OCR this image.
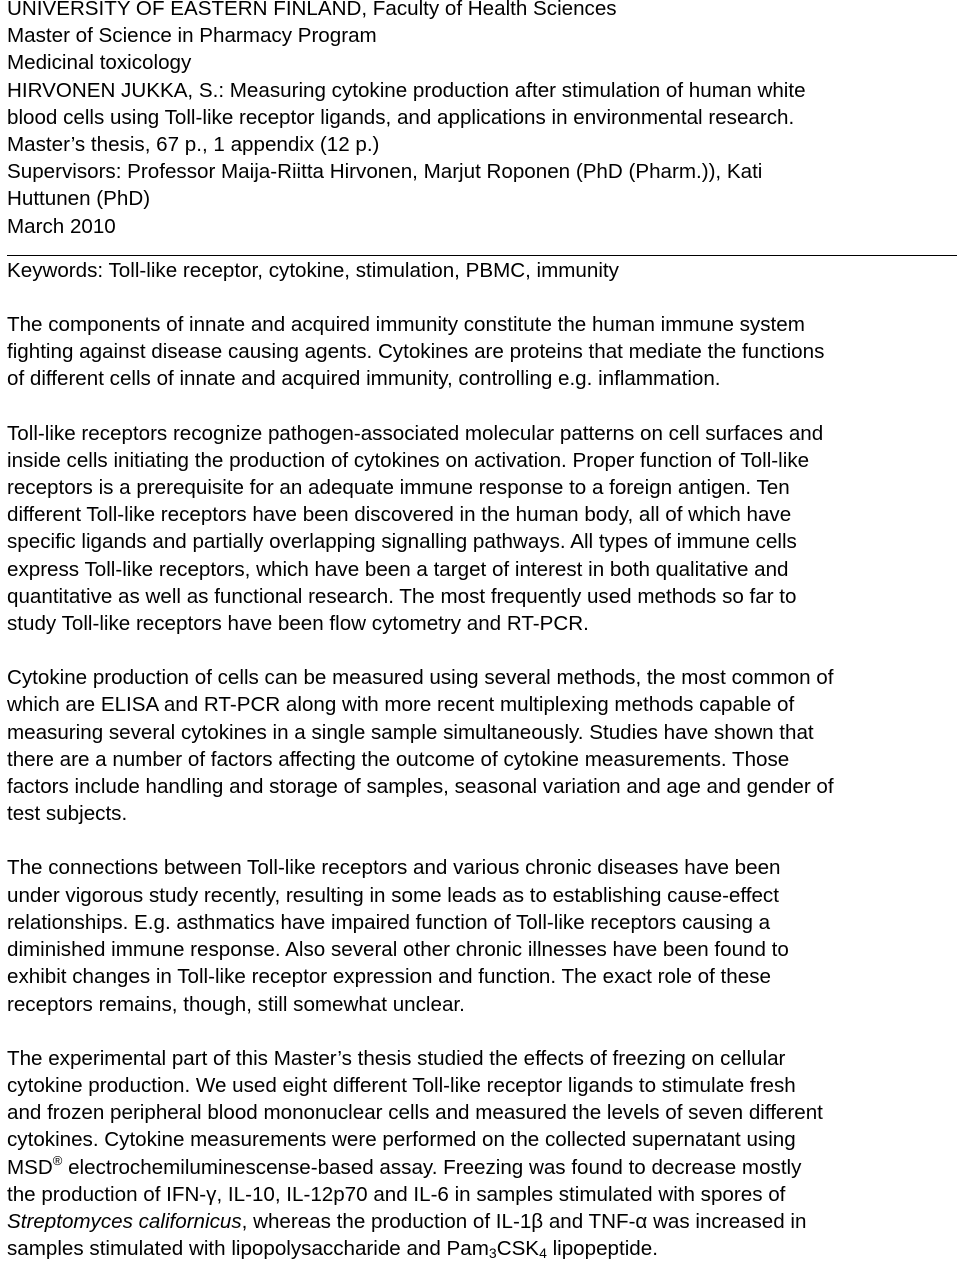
UNIVERSITY OF EASTERN FINLAND, Faculty of Health Sciences
Master of Science in Pharmacy Program
Medicinal toxicology
HIRVONEN JUKKA, S.: Measuring cytokine production after stimulation of human white
blood cells using Toll-like receptor ligands, and applications in environmental research.
Master’s thesis, 67 p., 1 appendix (12 p.)
Supervisors: Professor Maija-Riitta Hirvonen, Marjut Roponen (PhD (Pharm.)), Kati
Huttunen (PhD)
March 2010
Keywords: Toll-like receptor, cytokine, stimulation, PBMC, immunity
The components of innate and acquired immunity constitute the human immune system
fighting against disease causing agents. Cytokines are proteins that mediate the functions
of different cells of innate and acquired immunity, controlling e.g. inflammation.
Toll-like receptors recognize pathogen-associated molecular patterns on cell surfaces and
inside cells initiating the production of cytokines on activation. Proper function of Toll-like
receptors is a prerequisite for an adequate immune response to a foreign antigen. Ten
different Toll-like receptors have been discovered in the human body, all of which have
specific ligands and partially overlapping signalling pathways. All types of immune cells
express Toll-like receptors, which have been a target of interest in both qualitative and
quantitative as well as functional research. The most frequently used methods so far to
study Toll-like receptors have been flow cytometry and RT-PCR.
Cytokine production of cells can be measured using several methods, the most common of
which are ELISA and RT-PCR along with more recent multiplexing methods capable of
measuring several cytokines in a single sample simultaneously. Studies have shown that
there are a number of factors affecting the outcome of cytokine measurements. Those
factors include handling and storage of samples, seasonal variation and age and gender of
test subjects.
The connections between Toll-like receptors and various chronic diseases have been
under vigorous study recently, resulting in some leads as to establishing cause-effect
relationships. E.g. asthmatics have impaired function of Toll-like receptors causing a
diminished immune response. Also several other chronic illnesses have been found to
exhibit changes in Toll-like receptor expression and function. The exact role of these
receptors remains, though, still somewhat unclear.
The experimental part of this Master’s thesis studied the effects of freezing on cellular
cytokine production. We used eight different Toll-like receptor ligands to stimulate fresh
and frozen peripheral blood mononuclear cells and measured the levels of seven different
cytokines. Cytokine measurements were performed on the collected supernatant using
MSD® electrochemiluminescense-based assay. Freezing was found to decrease mostly
the production of IFN-γ, IL-10, IL-12p70 and IL-6 in samples stimulated with spores of
Streptomyces californicus, whereas the production of IL-1β and TNF-α was increased in
samples stimulated with lipopolysaccharide and $Pam_3CSK_4$ lipopeptide.
